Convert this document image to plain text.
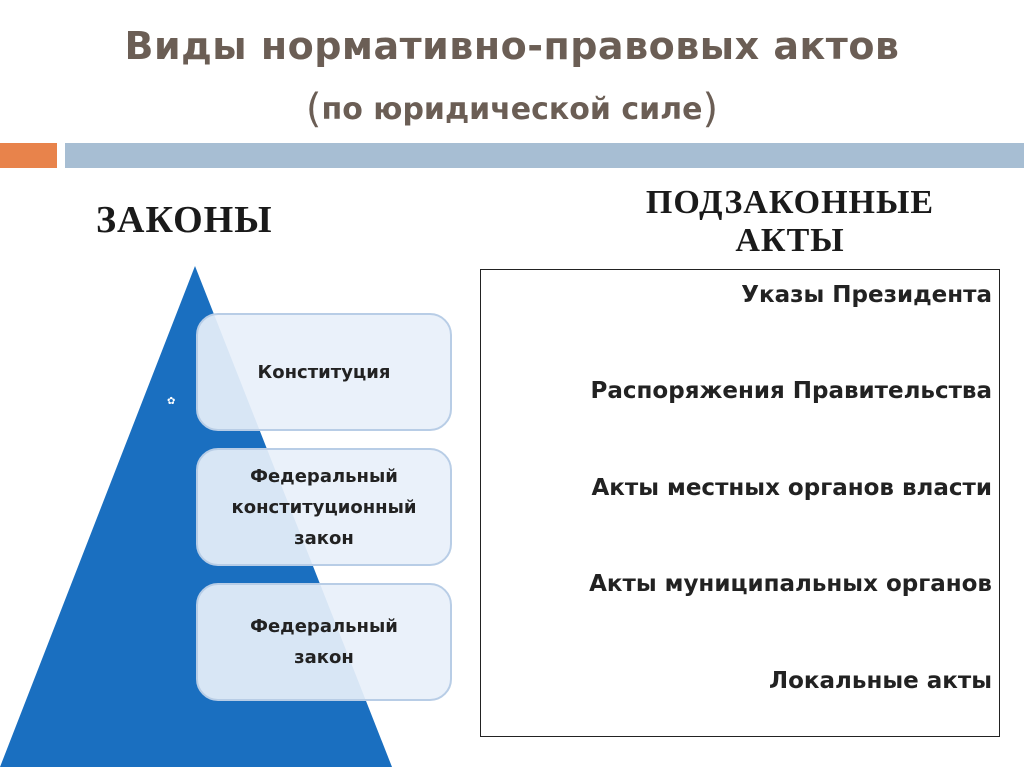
Виды нормативно-правовых актов
(по юридической силе)
ЗАКОНЫ	ПОДЗАКОННЫЕ
АКТЫ
✿
Конституция
Федеральный
конституционный
закон
Федеральный
закон
Указы Президента
Распоряжения Правительства
Акты местных органов власти
Акты муниципальных органов
Локальные акты
